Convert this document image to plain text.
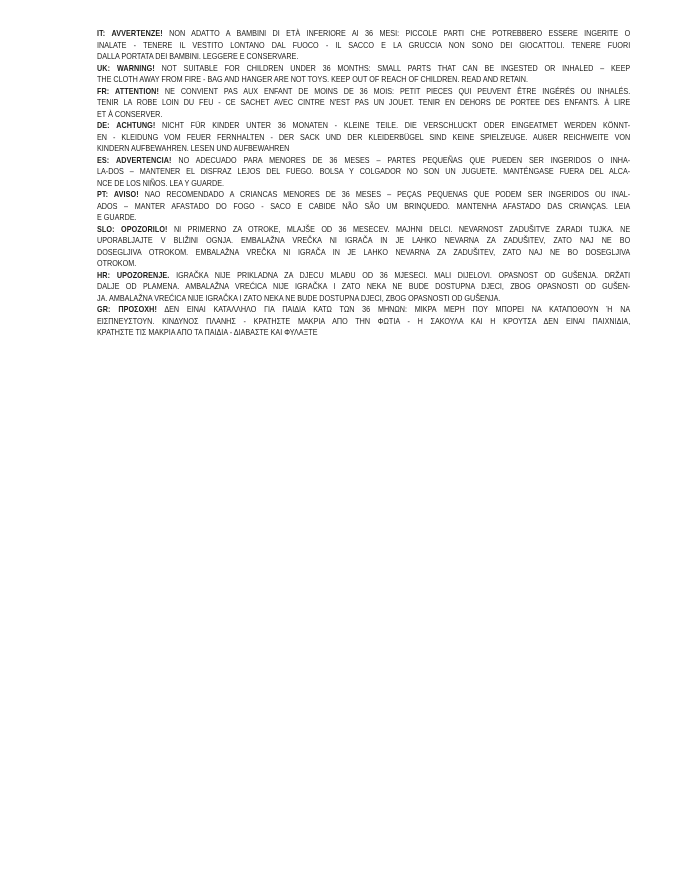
IT: AVVERTENZE! NON ADATTO A BAMBINI DI ETÀ INFERIORE AI 36 MESI: PICCOLE PARTI CHE POTREBBERO ESSERE INGERITE O
INALATE - TENERE IL VESTITO LONTANO DAL FUOCO - IL SACCO E LA GRUCCIA NON SONO DEI GIOCATTOLI. TENERE FUORI
DALLA PORTATA DEI BAMBINI. LEGGERE E CONSERVARE.
UK: WARNING! NOT SUITABLE FOR CHILDREN UNDER 36 MONTHS: SMALL PARTS THAT CAN BE INGESTED OR INHALED – KEEP
THE CLOTH AWAY FROM FIRE - BAG AND HANGER ARE NOT TOYS. KEEP OUT OF REACH OF CHILDREN. READ AND RETAIN.
FR: ATTENTION! NE CONVIENT PAS AUX ENFANT DE MOINS DE 36 MOIS: PETIT PIECES QUI PEUVENT ÊTRE INGÉRÉS OU INHALÉS.
TENIR LA ROBE LOIN DU FEU - CE SACHET AVEC CINTRE N'EST PAS UN JOUET. TENIR EN DEHORS DE PORTEE DES ENFANTS. À LIRE
ET À CONSERVER.
DE: ACHTUNG! NICHT FÜR KINDER UNTER 36 MONATEN - KLEINE TEILE. DIE VERSCHLUCKT ODER EINGEATMET WERDEN KÖNNT-
EN - KLEIDUNG VOM FEUER FERNHALTEN - DER SACK UND DER KLEIDERBÜGEL SIND KEINE SPIELZEUGE. AUßER REICHWEITE VON
KINDERN AUFBEWAHREN. LESEN UND AUFBEWAHREN
ES: ADVERTENCIA! NO ADECUADO PARA MENORES DE 36 MESES – PARTES PEQUEÑAS QUE PUEDEN SER INGERIDOS O INHA-
LA-DOS – MANTENER EL DISFRAZ LEJOS DEL FUEGO. BOLSA Y COLGADOR NO SON UN JUGUETE. MANTÉNGASE FUERA DEL ALCA-
NCE DE LOS NIÑOS. LEA Y GUARDE.
PT: AVISO! NAO RECOMENDADO A CRIANCAS MENORES DE 36 MESES – PEÇAS PEQUENAS QUE PODEM SER INGERIDOS OU INAL-
ADOS – MANTER AFASTADO DO FOGO - SACO E CABIDE NÃO SÃO UM BRINQUEDO. MANTENHA AFASTADO DAS CRIANÇAS. LEIA
E GUARDE.
SLO: OPOZORILO! NI PRIMERNO ZA OTROKE, MLAJŠE OD 36 MESECEV. MAJHNI DELCI. NEVARNOST ZADUŠITVE ZARADI TUJKA. NE
UPORABLJAJTE V BLIŽINI OGNJA. EMBALAŽNA VREČKA NI IGRAČA IN JE LAHKO NEVARNA ZA ZADUŠITEV, ZATO NAJ NE BO
DOSEGLJIVA OTROKOM. EMBALAŽNA VREČKA NI IGRAČA IN JE LAHKO NEVARNA ZA ZADUŠITEV, ZATO NAJ NE BO DOSEGLJIVA
OTROKOM.
HR: UPOZORENJE. IGRAČKA NIJE PRIKLADNA ZA DJECU MLAĐU OD 36 MJESECI. MALI DIJELOVI. OPASNOST OD GUŠENJA. DRŽATI
DALJE OD PLAMENA. AMBALAŽNA VREĆICA NIJE IGRAČKA I ZATO NEKA NE BUDE DOSTUPNA DJECI, ZBOG OPASNOSTI OD GUŠEN-
JA. AMBALAŽNA VREĆICA NIJE IGRAČKA I ZATO NEKA NE BUDE DOSTUPNA DJECI, ZBOG OPASNOSTI OD GUŠENJA.
GR: ΠΡΟΣΟΧΗ! ΔΕΝ ΕΙΝΑΙ ΚΑΤΑΛΛΗΛΟ ΓΙΑ ΠΑΙΔΙΑ ΚΑΤΩ ΤΩΝ 36 ΜΗΝΩΝ: ΜΙΚΡΑ ΜΕΡΗ ΠΟΥ ΜΠΟΡΕΙ ΝΑ ΚΑΤΑΠΟΘΟΥΝ Ή ΝΑ
ΕΙΣΠΝΕΥΣΤΟΥΝ. ΚΙΝΔΥΝΟΣ ΠΛΑΝΗΣ - ΚΡΑΤΗΣΤΕ ΜΑΚΡΙΑ ΑΠΟ ΤΗΝ ΦΩΤΙΑ - Η ΣΑΚΟΥΛΑ ΚΑΙ Η ΚΡΟΥΤΣΑ ΔΕΝ ΕΙΝΑΙ ΠΑΙΧΝΙΔΙΑ,
ΚΡΑΤΗΣΤΕ ΤΙΣ ΜΑΚΡΙΑ ΑΠΟ ΤΑ ΠΑΙΔΙΑ - ΔΙΑΒΑΣΤΕ ΚΑΙ ΦΥΛΑΞΤΕ
